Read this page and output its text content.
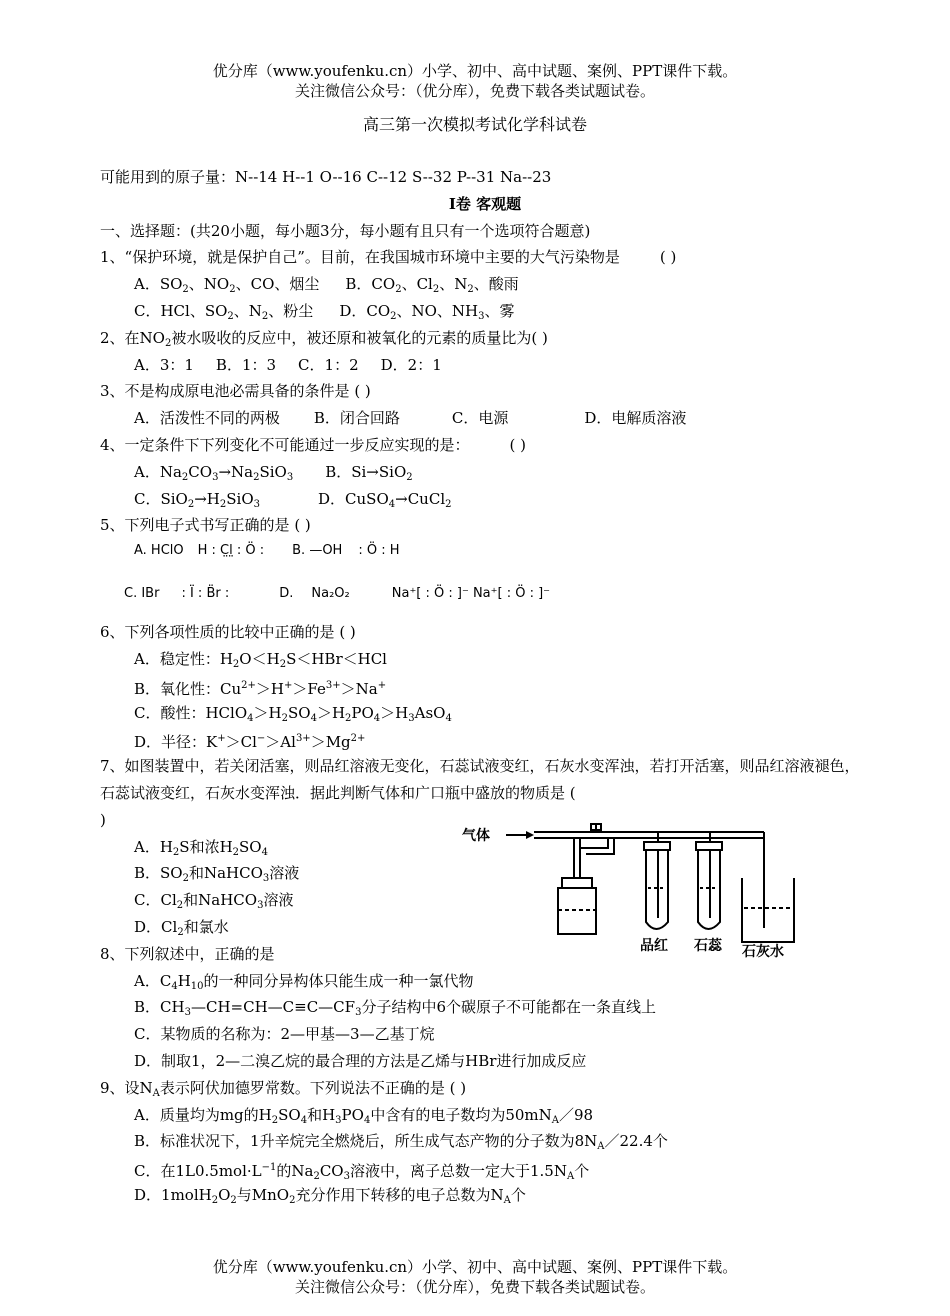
优分库（www.youfenku.cn）小学、初中、高中试题、案例、PPT课件下载。
关注微信公众号：（优分库），免费下载各类试题试卷。
高三第一次模拟考试化学科试卷
可能用到的原子量：N--14 H--1 O--16 C--12 S--32 P--31 Na--23
Ⅰ卷 客观题
一、选择题：(共20小题，每小题3分，每小题有且只有一个选项符合题意)
1、“保护环境，就是保护自己”。目前，在我国城市环境中主要的大气污染物是	( )
A．$SO_2$、$NO_2$、CO、烟尘 B．$CO_2$、$Cl_2$、$N_2$、酸雨
C．HCl、$SO_2$、$N_2$、粉尘 D．$CO_2$、NO、$NH_3$、雾
2、在$NO_2$被水吸收的反应中，被还原和被氧化的元素的质量比为( )
A．3：1 B．1：3 C．1：2 D．2：1
3、不是构成原电池必需具备的条件是 ( )
A．活泼性不同的两极 B．闭合回路	C．电源	D．电解质溶液
4、一定条件下下列变化不可能通过一步反应实现的是：	( )
A．$Na_2CO_3\to Na_2SiO_3$ B．Si→SiO$_2$
C．$SiO_2\to H_2SiO_3$	D．CuSO$_4$→CuCl$_2$
5、下列电子式书写正确的是 ( )
A. HClO H : C̤l̤ : Ö : B. —OH : Ö : H
C. IBr : Ï : B̈r :	D. Na₂O₂	Na⁺[ : Ö : ]⁻ Na⁺[ : Ö : ]⁻
6、下列各项性质的比较中正确的是 ( )
A．稳定性：$H_2O<H_2S<HBr<HCl$
B．氧化性：$Cu^{2+}>H^+>Fe^{3+}>Na^+$
C．酸性：$HClO_4>H_2SO_4>H_2PO_4>H_3AsO_4$
D．半径：$K^+>Cl^->Al^{3+}>Mg^{2+}$
7、如图装置中，若关闭活塞，则品红溶液无变化，石蕊试液变红，石灰水变浑浊，若打开活塞，则品红溶液褪色，石蕊试液变红，石灰水变浑浊．据此判断气体和广口瓶中盛放的物质是 (
)
A．$H_2S$和浓$H_2SO_4$
B．$SO_2$和NaHCO$_3$溶液
C．$Cl_2$和NaHCO$_3$溶液
D．$Cl_2$和氯水
8、下列叙述中，正确的是
A．$C_4H_{10}$的一种同分异构体只能生成一种一氯代物
B．$CH_3—CH=CH—C\equiv C—CF_3$分子结构中6个碳原子不可能都在一条直线上
C．某物质的名称为：2—甲基—3—乙基丁烷
D．制取1，2—二溴乙烷的最合理的方法是乙烯与HBr进行加成反应
9、设$N_A$表示阿伏加德罗常数。下列说法不正确的是 ( )
A．质量均为mg的$H_2SO_4$和$H_3PO_4$中含有的电子数均为$50mN_A/98$
B．标准状况下，1升辛烷完全燃烧后，所生成气态产物的分子数为$8N_A/22.4$个
C．在$1L0.5mol\cdot L^{-1}$的$Na_2CO_3$溶液中，离子总数一定大于$1.5N_A$个
D．$1molH_2O_2$与MnO$_2$充分作用下转移的电子总数为$N_A$个
气体
品红 石蕊 石灰水
优分库（www.youfenku.cn）小学、初中、高中试题、案例、PPT课件下载。
关注微信公众号：（优分库），免费下载各类试题试卷。
